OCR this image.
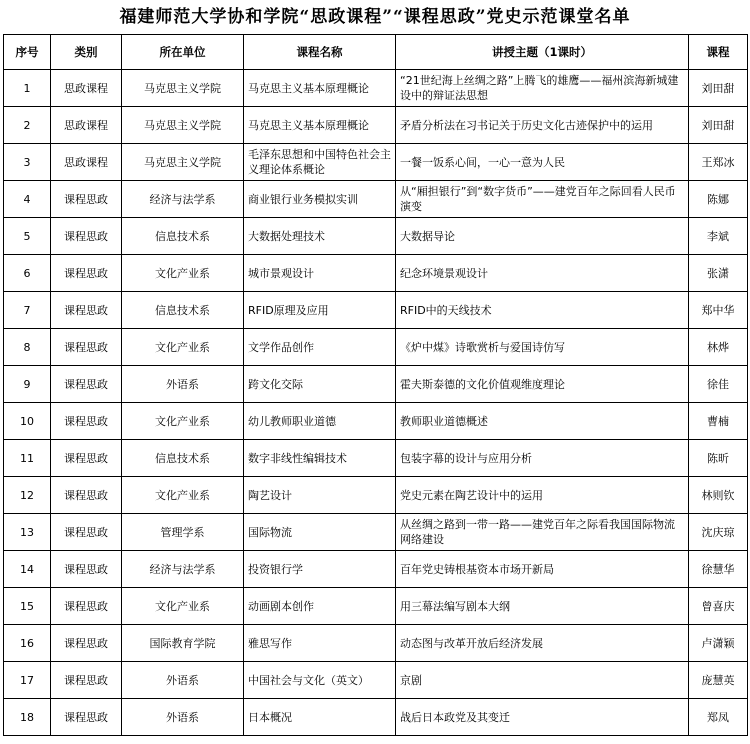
福建师范大学协和学院“思政课程”“课程思政”党史示范课堂名单
序号	类别	所在单位	课程名称	讲授主题（1课时）	课程
1	思政课程	马克思主义学院	马克思主义基本原理概论	“21世纪海上丝绸之路”上腾飞的雄鹰——福州滨海新城建设中的辩证法思想	刘田甜
2	思政课程	马克思主义学院	马克思主义基本原理概论	矛盾分析法在习书记关于历史文化古迹保护中的运用	刘田甜
3	思政课程	马克思主义学院	毛泽东思想和中国特色社会主义理论体系概论	一餐一饭系心间，一心一意为人民	王郑冰
4	课程思政	经济与法学系	商业银行业务模拟实训	从“厢担银行”到“数字货币”——建党百年之际回看人民币演变	陈娜
5	课程思政	信息技术系	大数据处理技术	大数据导论	李斌
6	课程思政	文化产业系	城市景观设计	纪念环境景观设计	张潇
7	课程思政	信息技术系	RFID原理及应用	RFID中的天线技术	郑中华
8	课程思政	文化产业系	文学作品创作	《炉中煤》诗歌赏析与爱国诗仿写	林烨
9	课程思政	外语系	跨文化交际	霍夫斯泰德的文化价值观维度理论	徐佳
10	课程思政	文化产业系	幼儿教师职业道德	教师职业道德概述	曹楠
11	课程思政	信息技术系	数字非线性编辑技术	包装字幕的设计与应用分析	陈昕
12	课程思政	文化产业系	陶艺设计	党史元素在陶艺设计中的运用	林则钦
13	课程思政	管理学系	国际物流	从丝绸之路到一带一路——建党百年之际看我国国际物流网络建设	沈庆琼
14	课程思政	经济与法学系	投资银行学	百年党史铸根基资本市场开新局	徐慧华
15	课程思政	文化产业系	动画剧本创作	用三幕法编写剧本大纲	曾喜庆
16	课程思政	国际教育学院	雅思写作	动态图与改革开放后经济发展	卢潇颖
17	课程思政	外语系	中国社会与文化（英文）	京剧	庞慧英
18	课程思政	外语系	日本概况	战后日本政党及其变迁	郑凤
